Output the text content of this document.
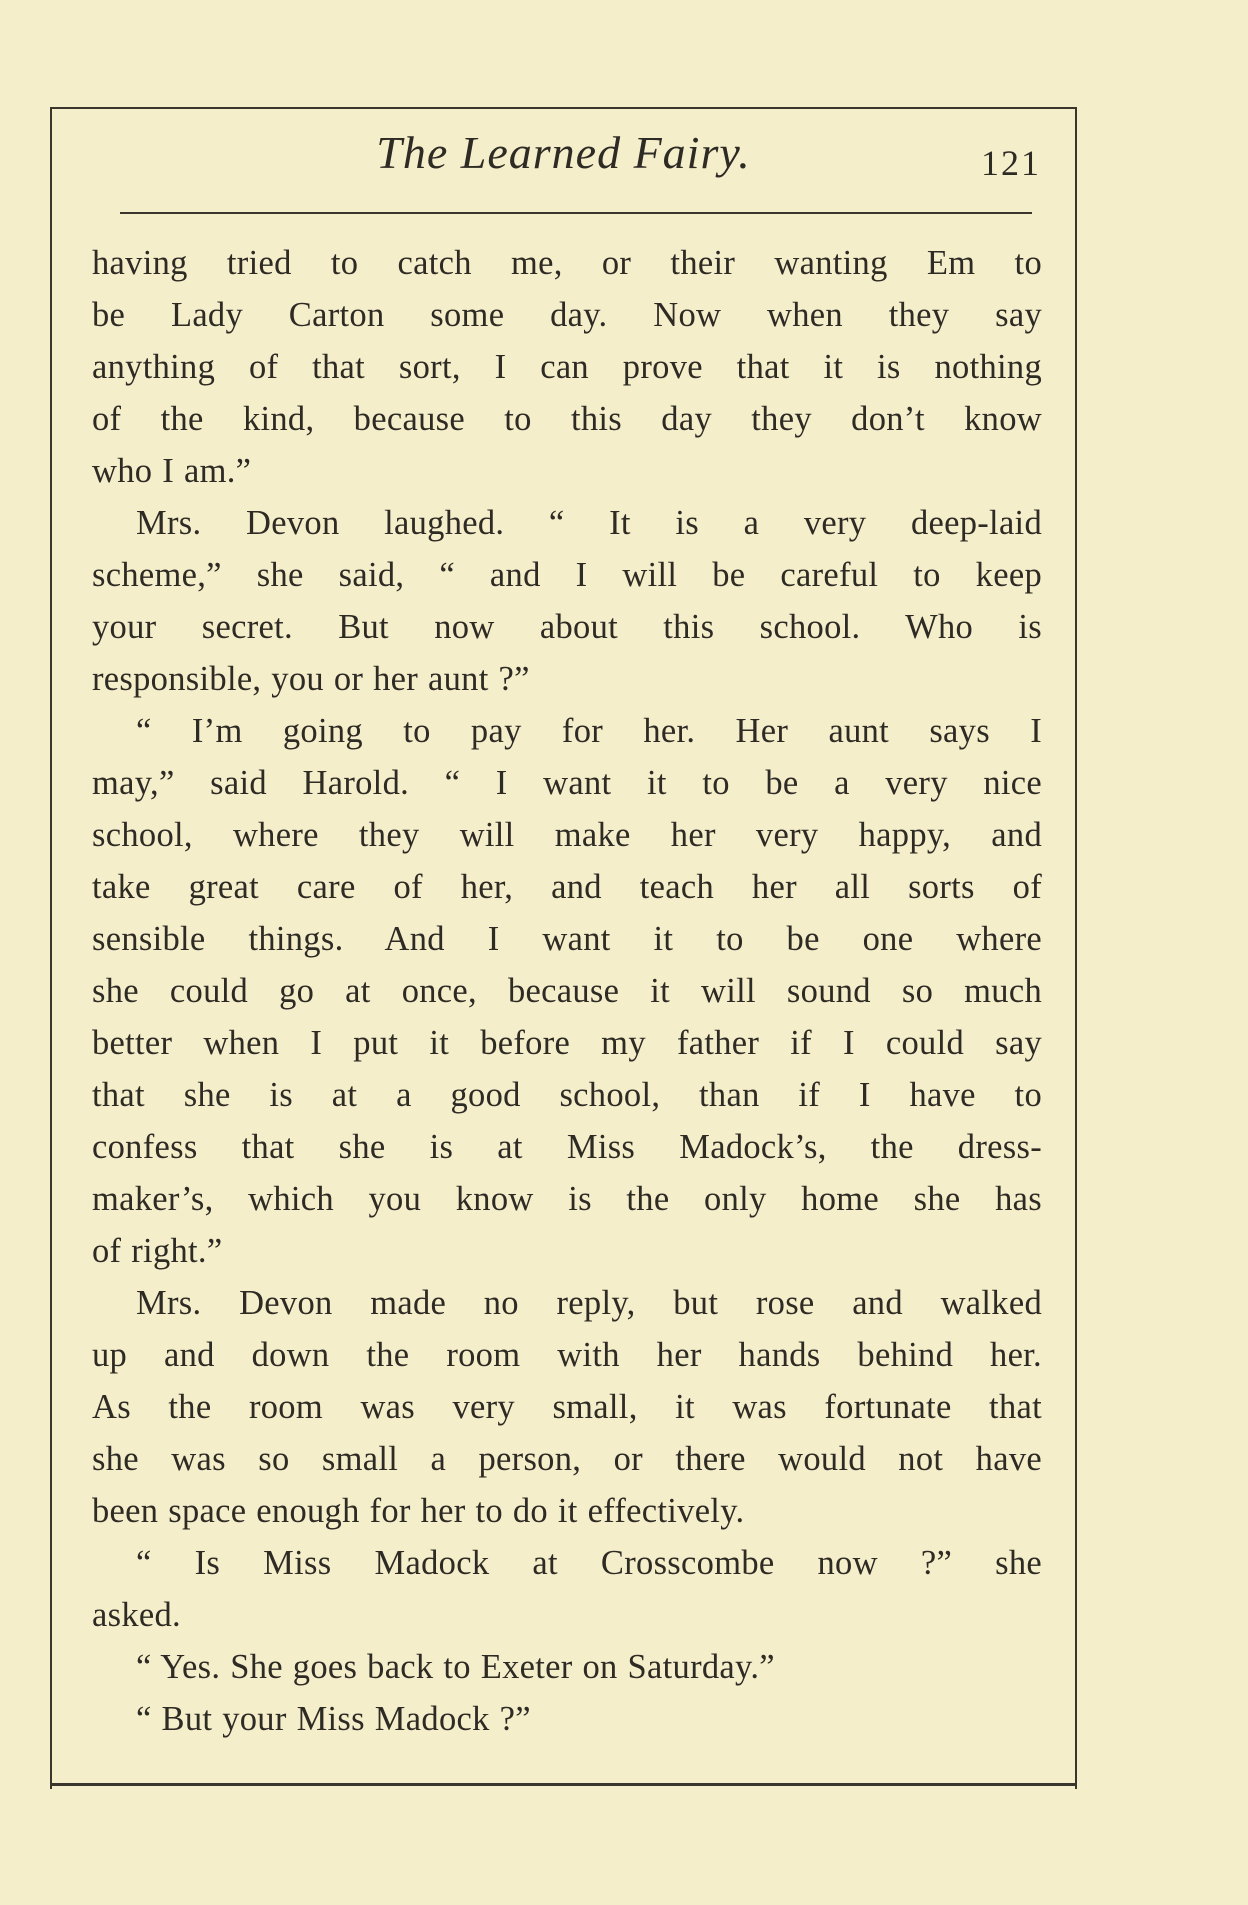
The Learned Fairy.	121
having tried to catch me, or their wanting Em to
be Lady Carton some day. Now when they say
anything of that sort, I can prove that it is nothing
of the kind, because to this day they don’t know
who I am.”
Mrs. Devon laughed. “ It is a very deep-laid
scheme,” she said, “ and I will be careful to keep
your secret. But now about this school. Who is
responsible, you or her aunt ?”
“ I’m going to pay for her. Her aunt says I
may,” said Harold. “ I want it to be a very nice
school, where they will make her very happy, and
take great care of her, and teach her all sorts of
sensible things. And I want it to be one where
she could go at once, because it will sound so much
better when I put it before my father if I could say
that she is at a good school, than if I have to
confess that she is at Miss Madock’s, the dress-
maker’s, which you know is the only home she has
of right.”
Mrs. Devon made no reply, but rose and walked
up and down the room with her hands behind her.
As the room was very small, it was fortunate that
she was so small a person, or there would not have
been space enough for her to do it effectively.
“ Is Miss Madock at Crosscombe now ?” she
asked.
“ Yes. She goes back to Exeter on Saturday.”
“ But your Miss Madock ?”
